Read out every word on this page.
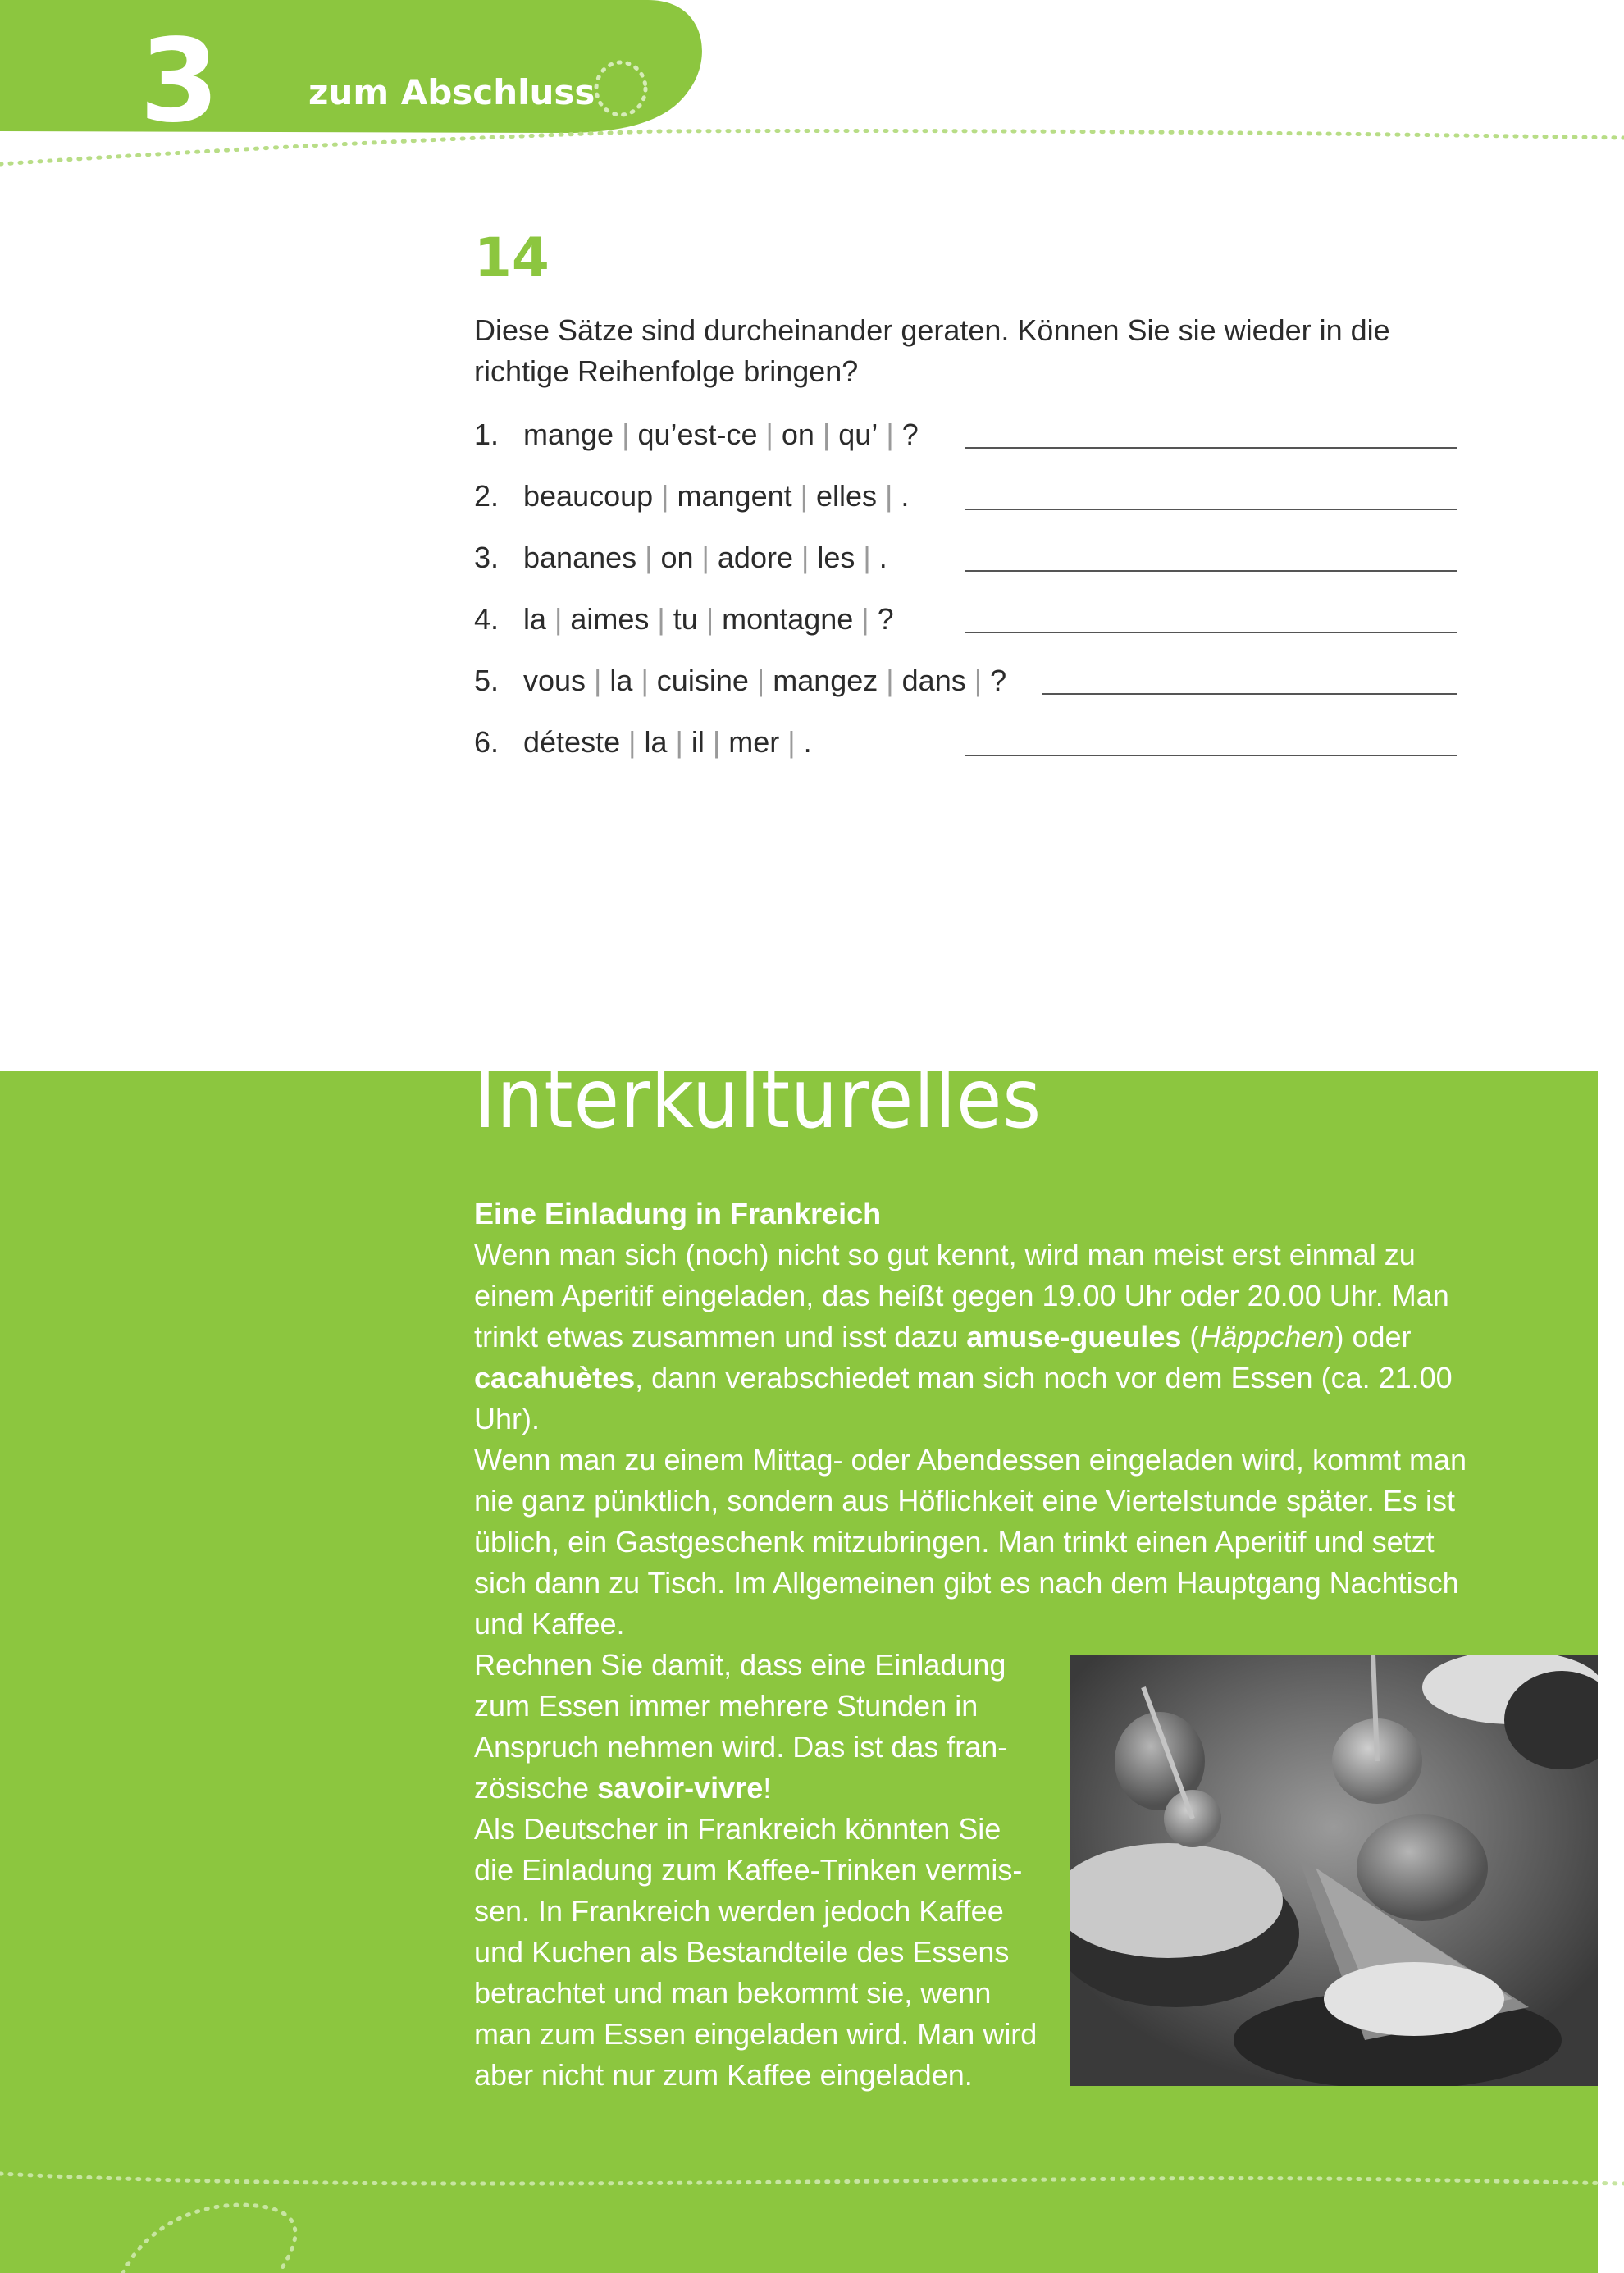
3	zum Abschluss
14
Diese Sätze sind durcheinander geraten. Können Sie sie wieder in die richtige Reihenfolge bringen?
1. mange | qu’est-ce | on | qu’ | ?
2. beaucoup | mangent | elles | .
3. bananes | on | adore | les | .
4. la | aimes | tu | montagne | ?
5. vous | la | cuisine | mangez | dans | ?
6. déteste | la | il | mer | .
Interkulturelles

Eine Einladung in Frankreich

Wenn man sich (noch) nicht so gut kennt, wird man meist erst einmal zu einem Aperitif eingeladen, das heißt gegen 19.00 Uhr oder 20.00 Uhr. Man trinkt etwas zusammen und isst dazu amuse-gueules (Häppchen) oder cacahuètes, dann verabschiedet man sich noch vor dem Essen (ca. 21.00 Uhr).

Wenn man zu einem Mittag- oder Abendessen eingeladen wird, kommt man nie ganz pünktlich, sondern aus Höflichkeit eine Viertelstunde später. Es ist üblich, ein Gastgeschenk mitzubringen. Man trinkt einen Aperitif und setzt sich dann zu Tisch. Im Allgemeinen gibt es nach dem Hauptgang Nachtisch und Kaffee.

Rechnen Sie damit, dass eine Einladung zum Essen immer mehrere Stunden in Anspruch nehmen wird. Das ist das fran-zösische savoir-vivre!

Als Deutscher in Frankreich könnten Sie die Einladung zum Kaffee-Trinken vermis-sen. In Frankreich werden jedoch Kaffee und Kuchen als Bestandteile des Essens betrachtet und man bekommt sie, wenn man zum Essen eingeladen wird. Man wird aber nicht nur zum Kaffee eingeladen.
